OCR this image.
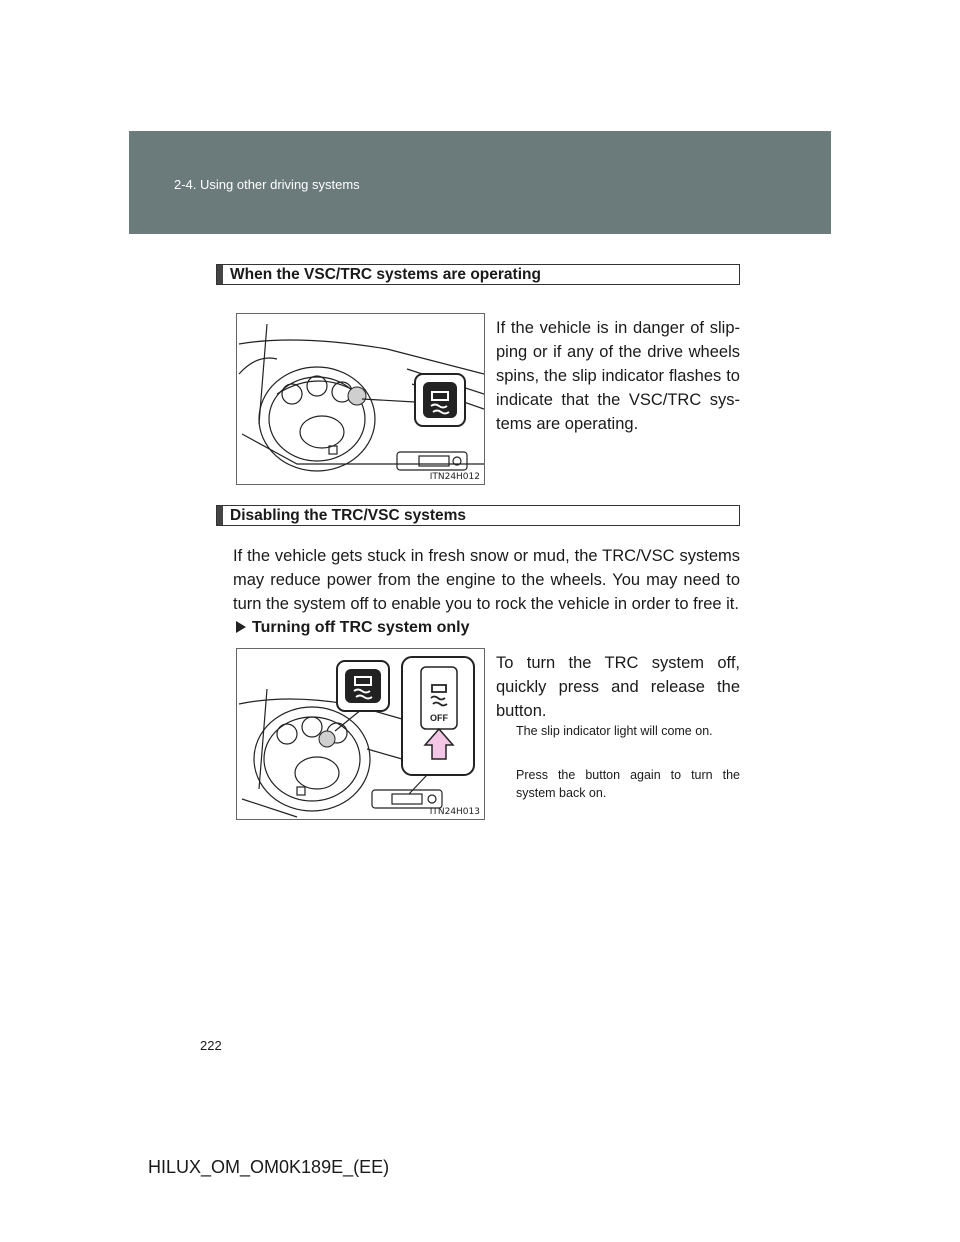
2-4. Using other driving systems
When the VSC/TRC systems are operating
ITN24H012
If the vehicle is in danger of slip-ping or if any of the drive wheels spins, the slip indicator flashes to indicate that the VSC/TRC sys-tems are operating.
Disabling the TRC/VSC systems
If the vehicle gets stuck in fresh snow or mud, the TRC/VSC systems may reduce power from the engine to the wheels. You may need to turn the system off to enable you to rock the vehicle in order to free it.
Turning off TRC system only
OFF
ITN24H013
To turn the TRC system off, quickly press and release the button.
The slip indicator light will come on.
Press the button again to turn the system back on.
222
HILUX_OM_OM0K189E_(EE)
